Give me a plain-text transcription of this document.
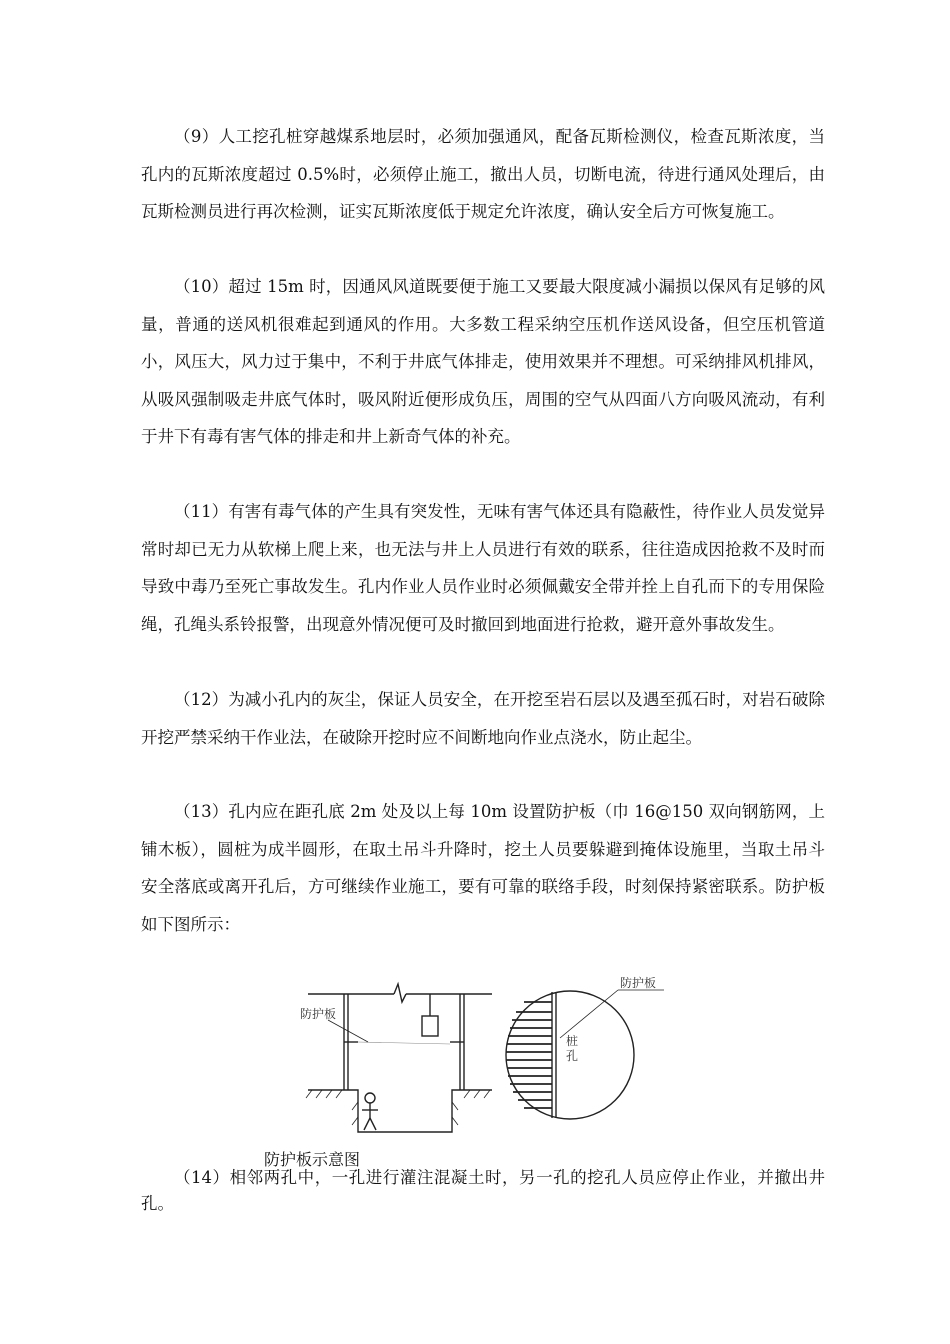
（9）人工挖孔桩穿越煤系地层时，必须加强通风，配备瓦斯检测仪，检查瓦斯浓度，当孔内的瓦斯浓度超过 0.5%时，必须停止施工，撤出人员，切断电流，待进行通风处理后，由瓦斯检测员进行再次检测，证实瓦斯浓度低于规定允许浓度，确认安全后方可恢复施工。

（10）超过 15m 时，因通风风道既要便于施工又要最大限度减小漏损以保风有足够的风量，普通的送风机很难起到通风的作用。大多数工程采纳空压机作送风设备，但空压机管道小，风压大，风力过于集中，不利于井底气体排走，使用效果并不理想。可采纳排风机排风，从吸风强制吸走井底气体时，吸风附近便形成负压，周围的空气从四面八方向吸风流动，有利于井下有毒有害气体的排走和井上新奇气体的补充。

（11）有害有毒气体的产生具有突发性，无味有害气体还具有隐蔽性，待作业人员发觉异常时却已无力从软梯上爬上来，也无法与井上人员进行有效的联系，往往造成因抢救不及时而导致中毒乃至死亡事故发生。孔内作业人员作业时必须佩戴安全带并拴上自孔而下的专用保险绳，孔绳头系铃报警，出现意外情况便可及时撤回到地面进行抢救，避开意外事故发生。

（12）为减小孔内的灰尘，保证人员安全，在开挖至岩石层以及遇至孤石时，对岩石破除开挖严禁采纳干作业法，在破除开挖时应不间断地向作业点浇水，防止起尘。

（13）孔内应在距孔底 2m 处及以上每 10m 设置防护板（巾 16@150 双向钢筋网，上铺木板），圆桩为成半圆形，在取土吊斗升降时，挖土人员要躲避到掩体设施里，当取土吊斗安全落底或离开孔后，方可继续作业施工，要有可靠的联络手段，时刻保持紧密联系。防护板如下图所示：

防护板
防护板
桩孔
防护板示意图

（14）相邻两孔中，一孔进行灌注混凝土时，另一孔的挖孔人员应停止作业，并撤出井孔。
